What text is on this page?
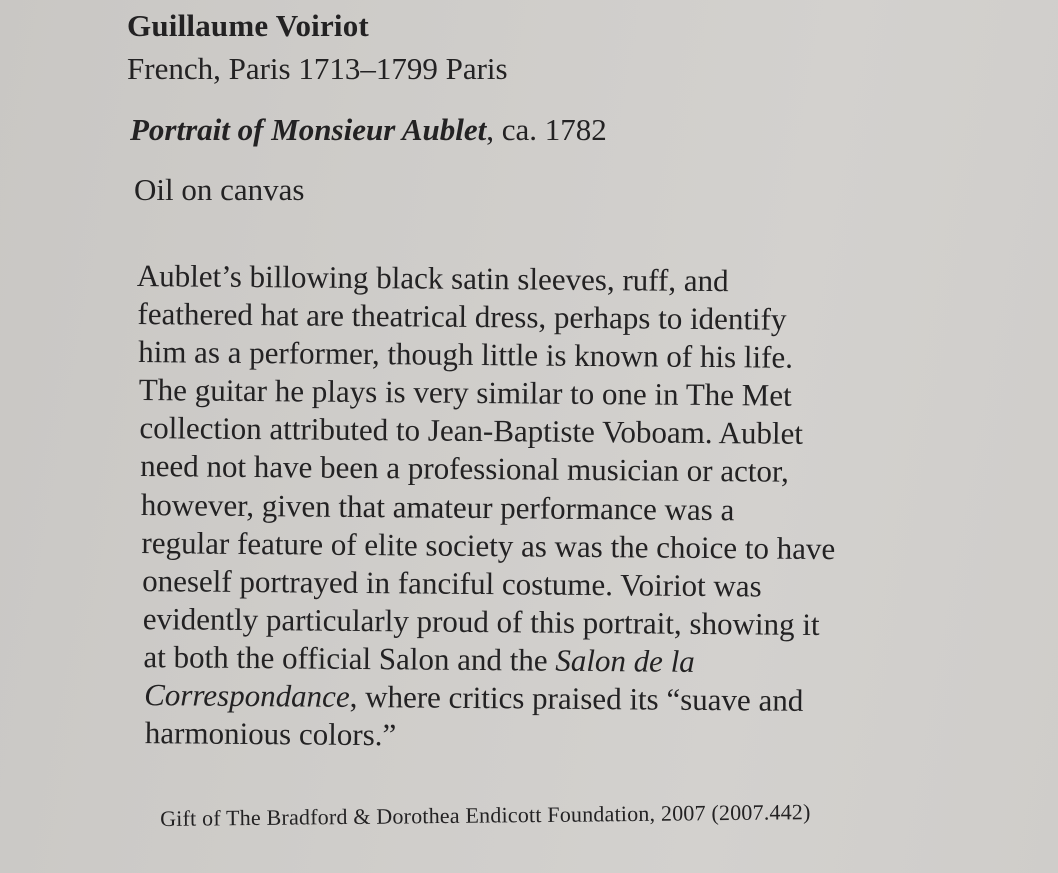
Guillaume Voiriot
French, Paris 1713–1799 Paris
Portrait of Monsieur Aublet, ca. 1782
Oil on canvas
Aublet’s billowing black satin sleeves, ruff, and
feathered hat are theatrical dress, perhaps to identify
him as a performer, though little is known of his life.
The guitar he plays is very similar to one in The Met
collection attributed to Jean-Baptiste Voboam. Aublet
need not have been a professional musician or actor,
however, given that amateur performance was a
regular feature of elite society as was the choice to have
oneself portrayed in fanciful costume. Voiriot was
evidently particularly proud of this portrait, showing it
at both the official Salon and the Salon de la
Correspondance, where critics praised its “suave and
harmonious colors.”
Gift of The Bradford & Dorothea Endicott Foundation, 2007 (2007.442)
